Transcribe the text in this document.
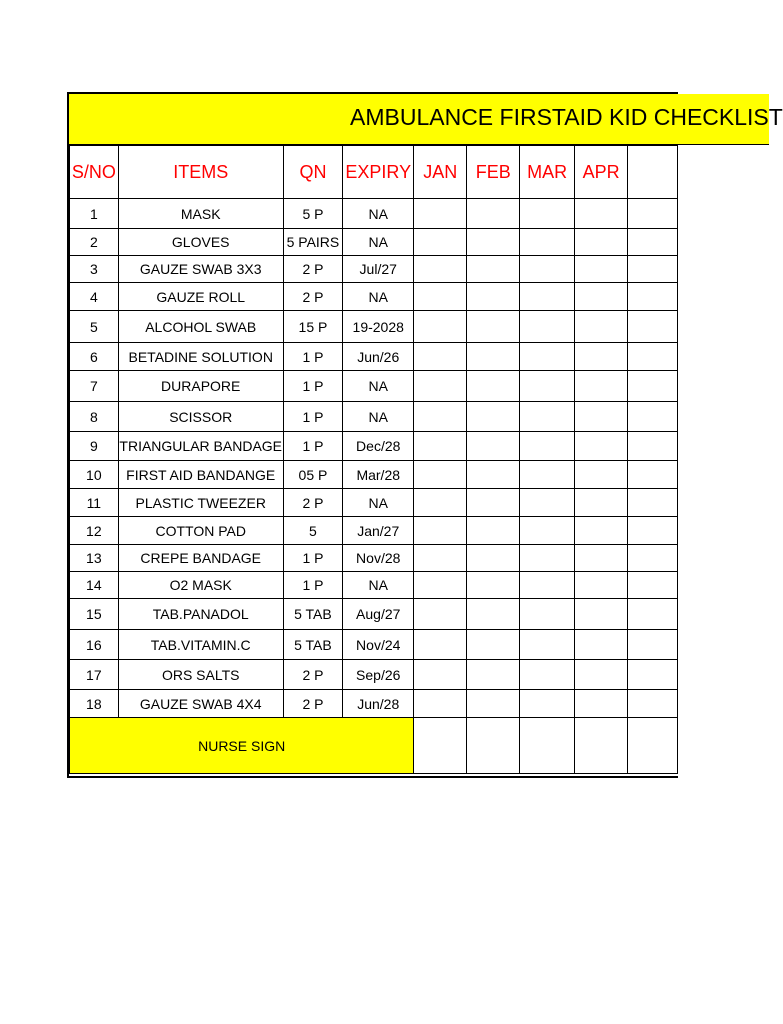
AMBULANCE FIRSTAID KID CHECKLIST
S/NO	ITEMS	QN	EXPIRY	JAN	FEB	MAR	APR	
1	MASK	5 P	NA					
2	GLOVES	5 PAIRS	NA					
3	GAUZE SWAB 3X3	2 P	Jul/27					
4	GAUZE ROLL	2 P	NA					
5	ALCOHOL SWAB	15 P	19-2028					
6	BETADINE SOLUTION	1 P	Jun/26					
7	DURAPORE	1 P	NA					
8	SCISSOR	1 P	NA					
9	TRIANGULAR BANDAGE	1 P	Dec/28					
10	FIRST AID BANDANGE	05 P	Mar/28					
11	PLASTIC TWEEZER	2 P	NA					
12	COTTON PAD	5	Jan/27					
13	CREPE BANDAGE	1 P	Nov/28					
14	O2 MASK	1 P	NA					
15	TAB.PANADOL	5 TAB	Aug/27					
16	TAB.VITAMIN.C	5 TAB	Nov/24					
17	ORS SALTS	2 P	Sep/26					
18	GAUZE SWAB 4X4	2 P	Jun/28					
NURSE SIGN								
